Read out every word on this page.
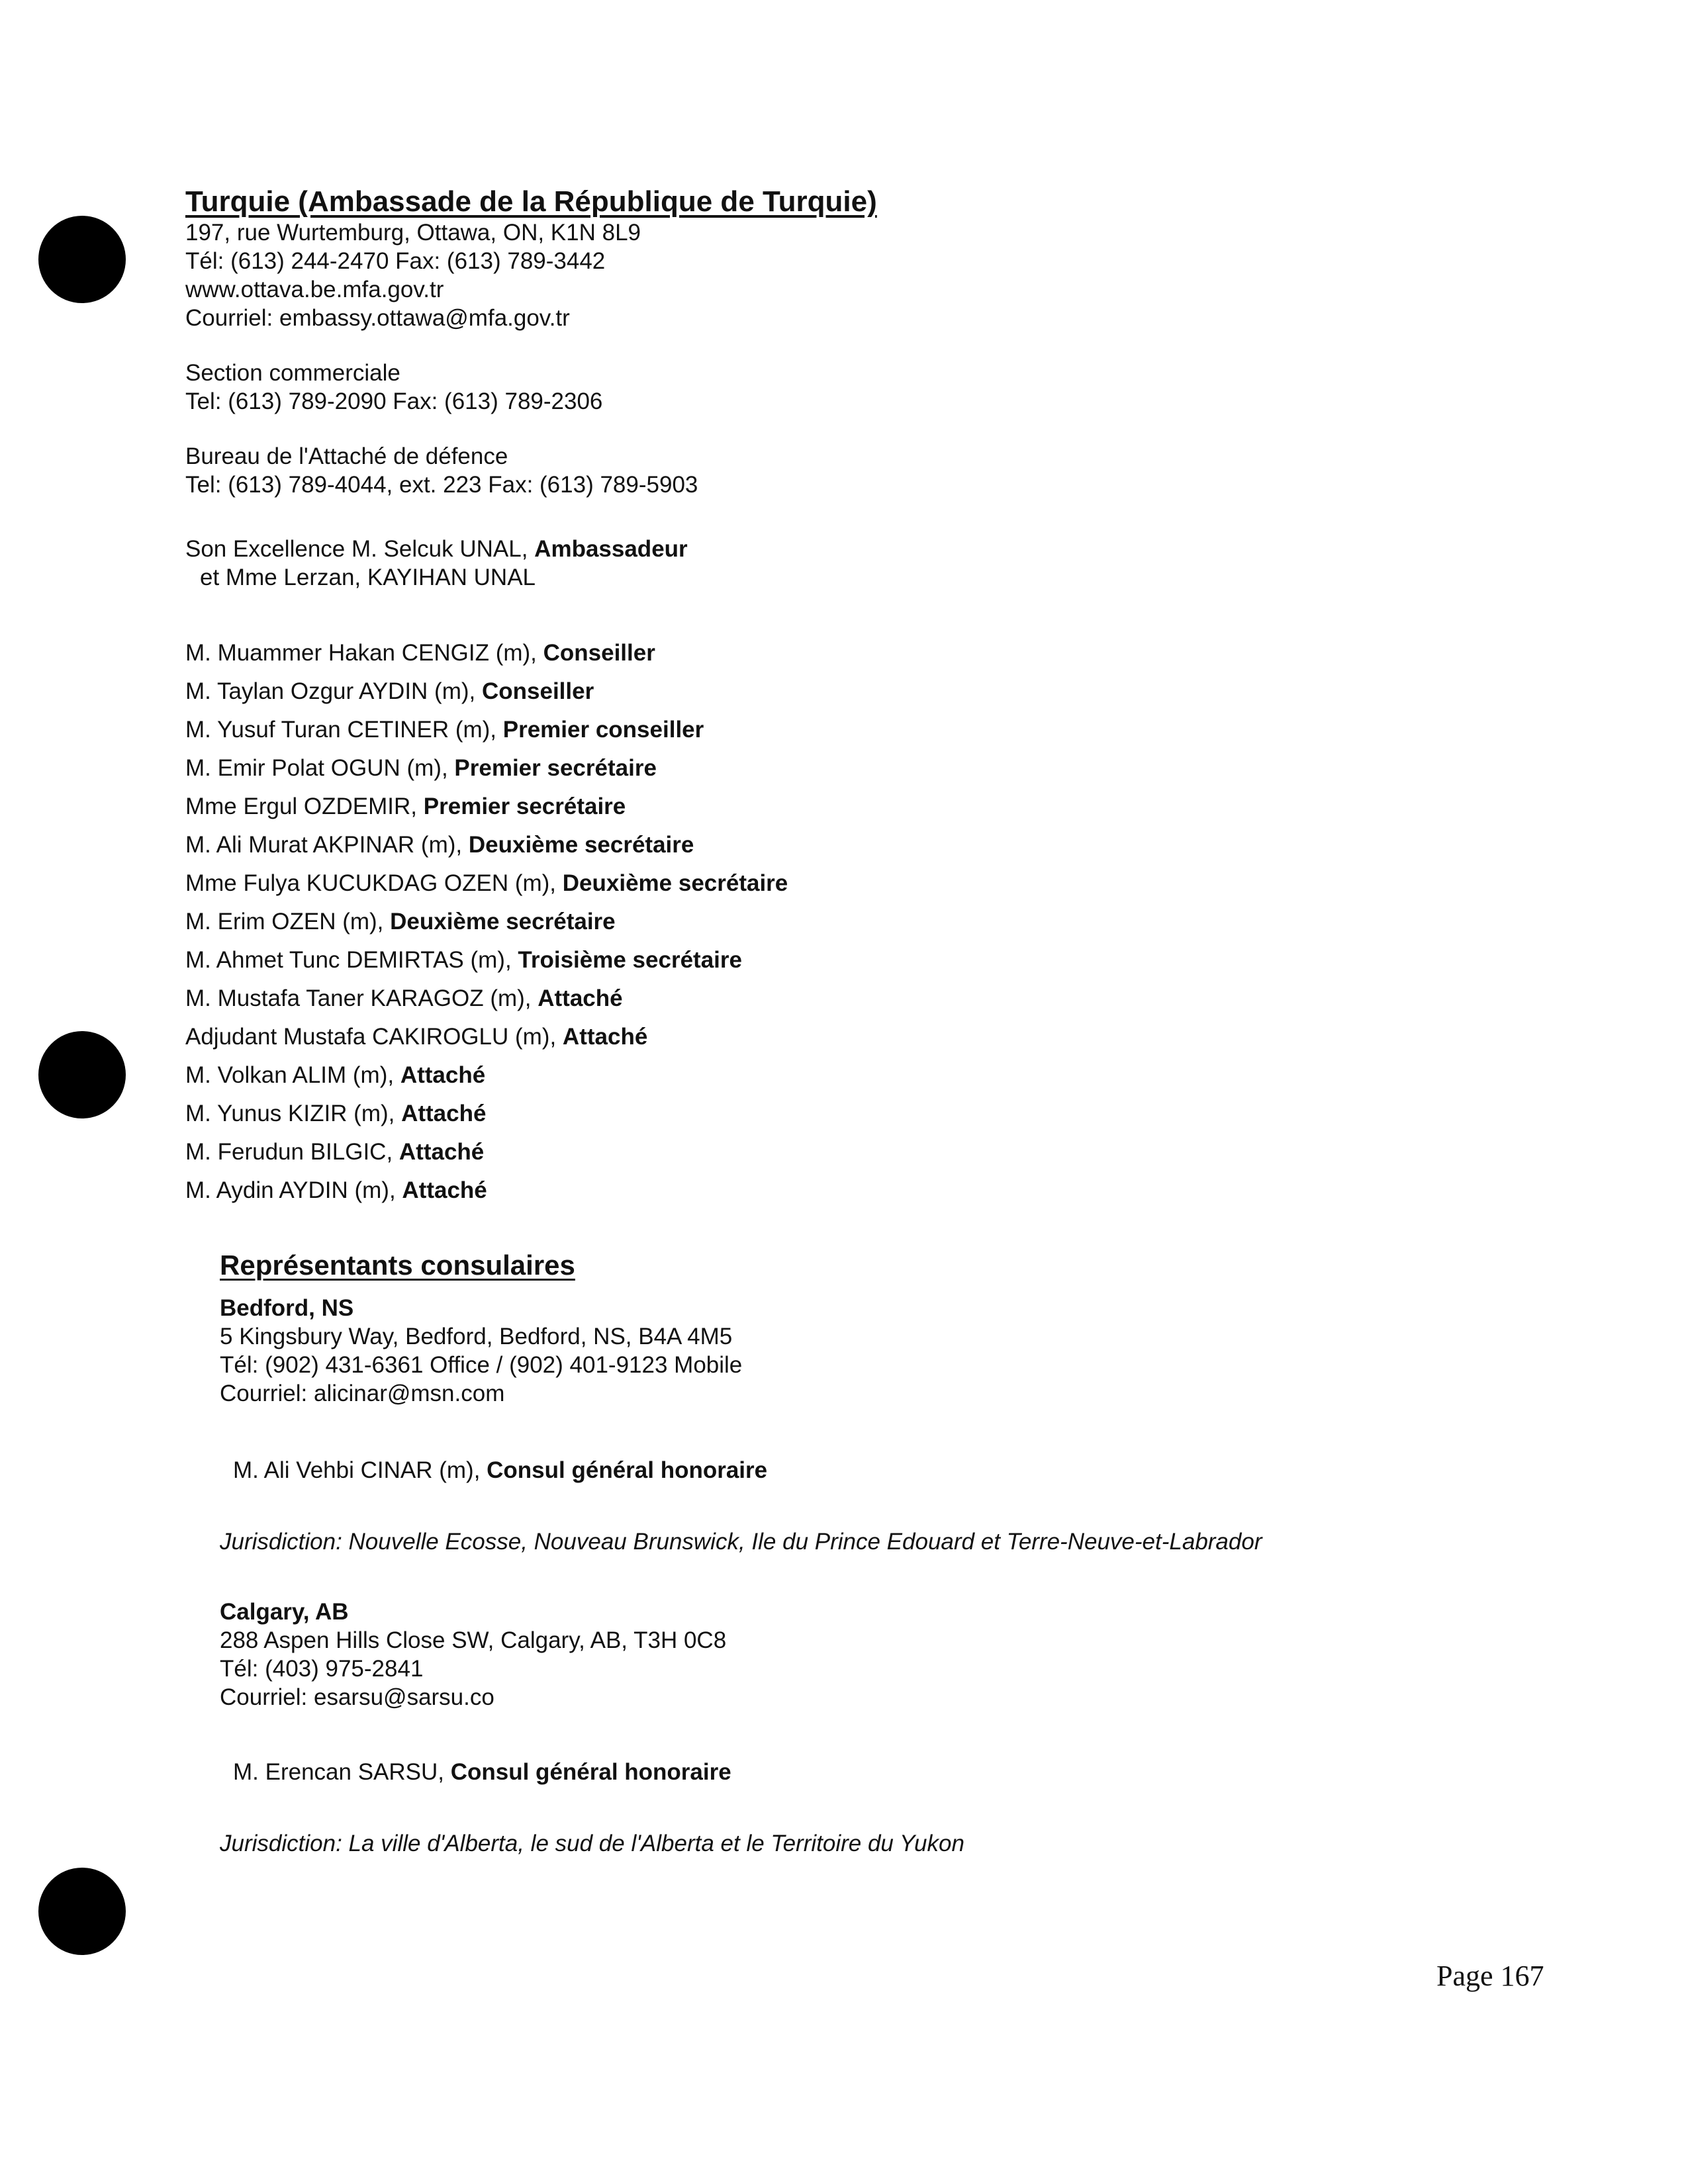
Turquie (Ambassade de la République de Turquie)
197, rue Wurtemburg, Ottawa, ON, K1N 8L9
Tél: (613) 244-2470 Fax: (613) 789-3442
www.ottava.be.mfa.gov.tr
Courriel: embassy.ottawa@mfa.gov.tr
Section commerciale
Tel: (613) 789-2090 Fax: (613) 789-2306
Bureau de l'Attaché de défence
Tel: (613) 789-4044, ext. 223 Fax: (613) 789-5903
Son Excellence M. Selcuk UNAL, Ambassadeur
et Mme Lerzan, KAYIHAN UNAL
M. Muammer Hakan CENGIZ (m), Conseiller
M. Taylan Ozgur AYDIN (m), Conseiller
M. Yusuf Turan CETINER (m), Premier conseiller
M. Emir Polat OGUN (m), Premier secrétaire
Mme Ergul OZDEMIR, Premier secrétaire
M. Ali Murat AKPINAR (m), Deuxième secrétaire
Mme Fulya KUCUKDAG OZEN (m), Deuxième secrétaire
M. Erim OZEN (m), Deuxième secrétaire
M. Ahmet Tunc DEMIRTAS (m), Troisième secrétaire
M. Mustafa Taner KARAGOZ (m), Attaché
Adjudant Mustafa CAKIROGLU (m), Attaché
M. Volkan ALIM (m), Attaché
M. Yunus KIZIR (m), Attaché
M. Ferudun BILGIC, Attaché
M. Aydin AYDIN (m), Attaché
Représentants consulaires
Bedford, NS
5 Kingsbury Way, Bedford, Bedford, NS, B4A 4M5
Tél: (902) 431-6361 Office / (902) 401-9123 Mobile
Courriel: alicinar@msn.com
M. Ali Vehbi CINAR (m), Consul général honoraire
Jurisdiction: Nouvelle Ecosse, Nouveau Brunswick, Ile du Prince Edouard et Terre-Neuve-et-Labrador
Calgary, AB
288 Aspen Hills Close SW, Calgary, AB, T3H 0C8
Tél: (403) 975-2841
Courriel: esarsu@sarsu.co
M. Erencan SARSU, Consul général honoraire
Jurisdiction: La ville d'Alberta, le sud de l'Alberta et le Territoire du Yukon
Page 167
